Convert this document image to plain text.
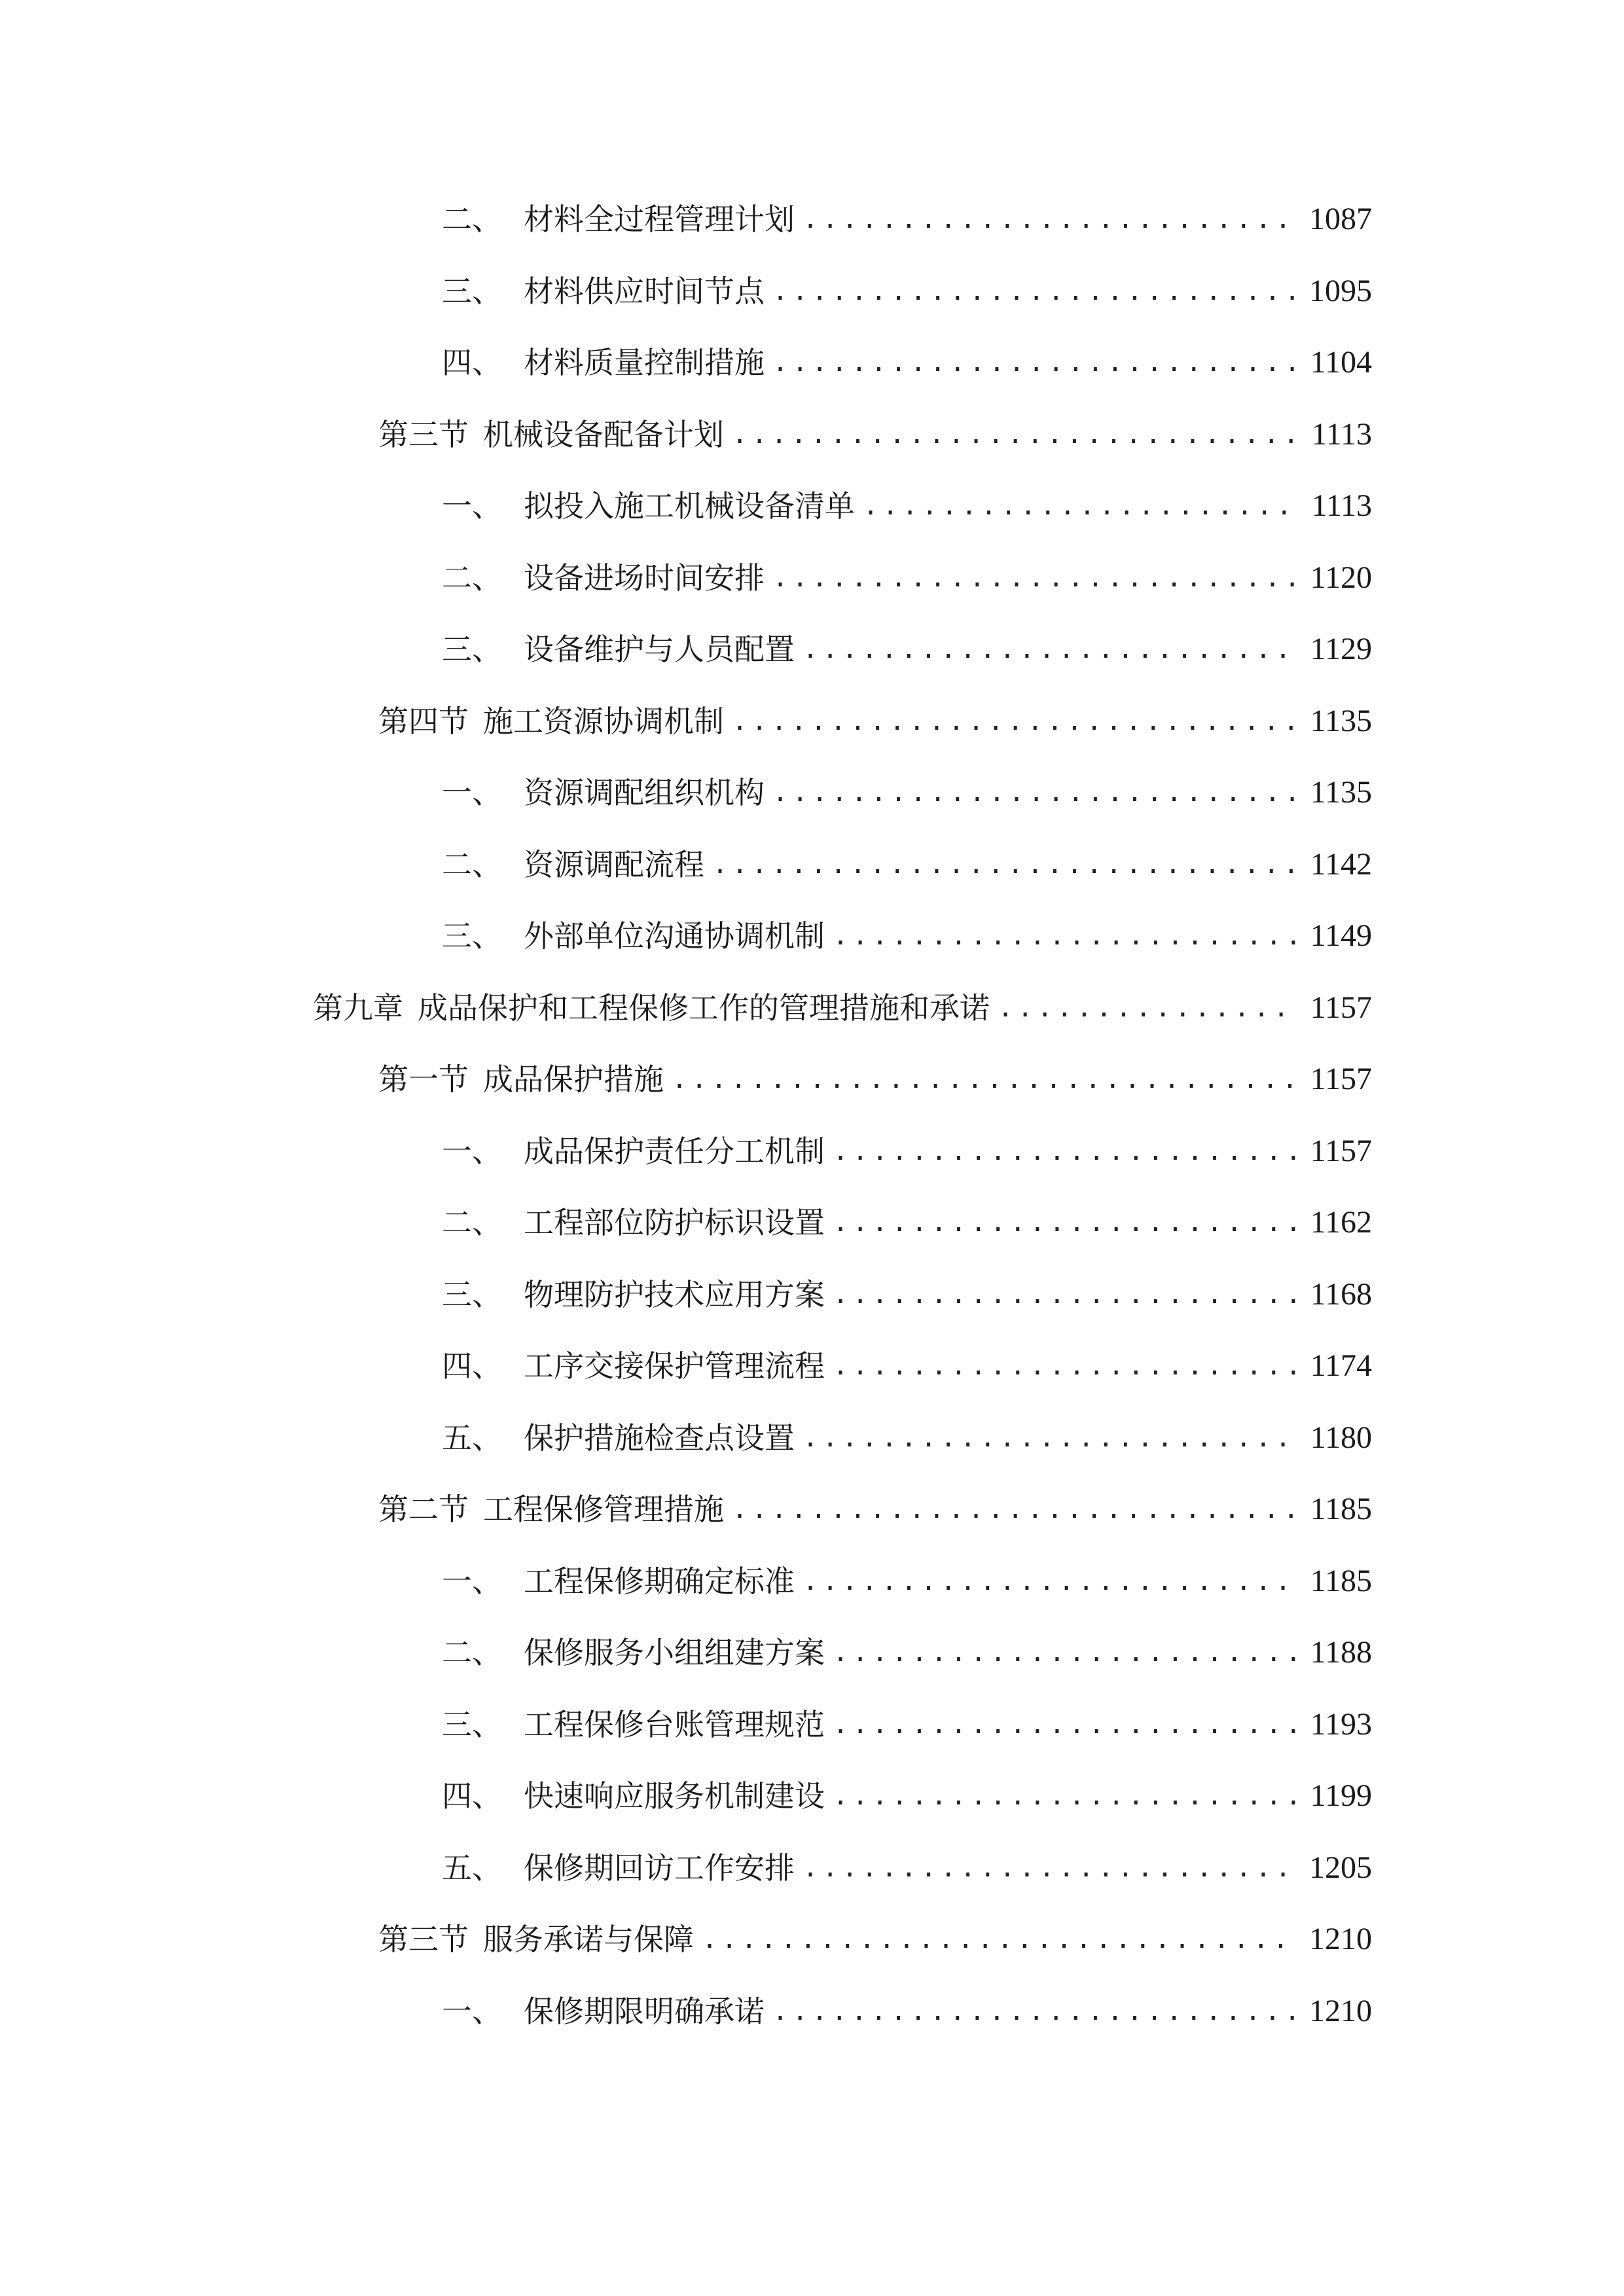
二、 材料全过程管理计划 .....	1087
三、 材料供应时间节点 .....	1095
四、 材料质量控制措施 .....	1104
第三节 机械设备配备计划 .....	1113
一、 拟投入施工机械设备清单 .....	1113
二、 设备进场时间安排 .....	1120
三、 设备维护与人员配置 .....	1129
第四节 施工资源协调机制 .....	1135
一、 资源调配组织机构 .....	1135
二、 资源调配流程 .....	1142
三、 外部单位沟通协调机制 .....	1149
第九章 成品保护和工程保修工作的管理措施和承诺 .....	1157
第一节 成品保护措施 .....	1157
一、 成品保护责任分工机制 .....	1157
二、 工程部位防护标识设置 .....	1162
三、 物理防护技术应用方案 .....	1168
四、 工序交接保护管理流程 .....	1174
五、 保护措施检查点设置 .....	1180
第二节 工程保修管理措施 .....	1185
一、 工程保修期确定标准 .....	1185
二、 保修服务小组组建方案 .....	1188
三、 工程保修台账管理规范 .....	1193
四、 快速响应服务机制建设 .....	1199
五、 保修期回访工作安排 .....	1205
第三节 服务承诺与保障 .....	1210
一、 保修期限明确承诺 .....	1210
